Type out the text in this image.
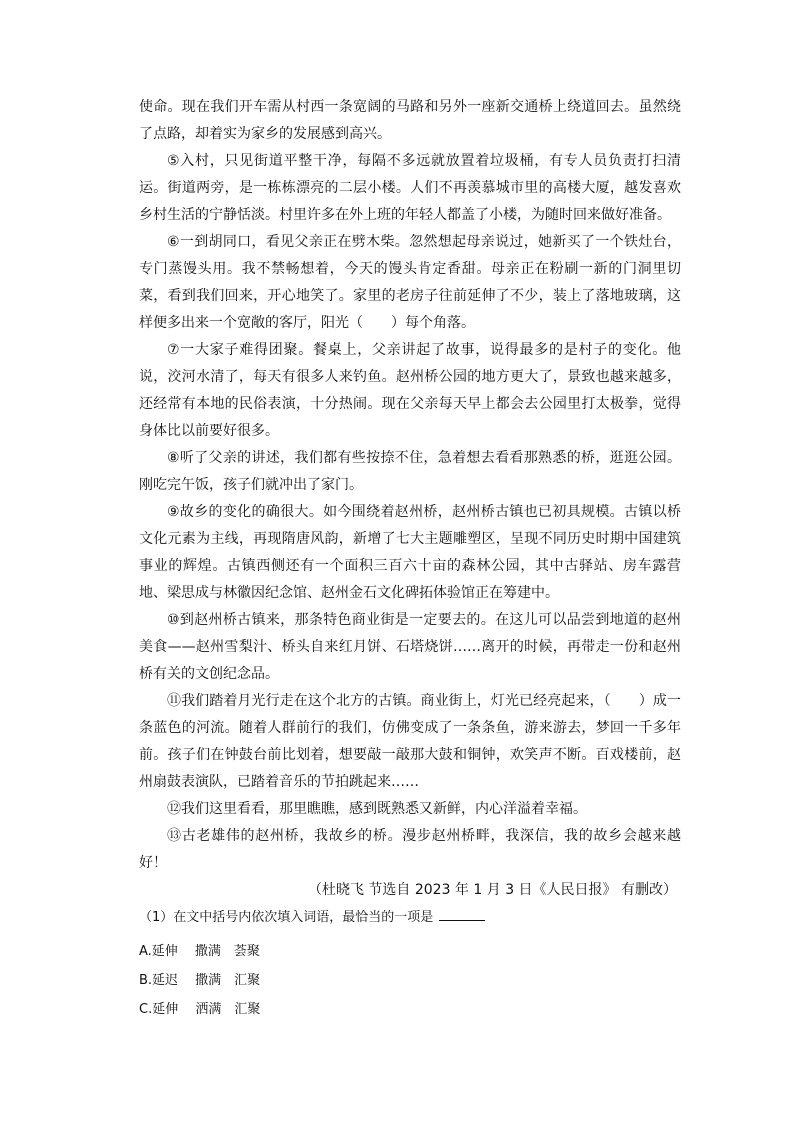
使命。现在我们开车需从村西一条宽阔的马路和另外一座新交通桥上绕道回去。虽然绕了点路，却着实为家乡的发展感到高兴。

⑤入村，只见街道平整干净，每隔不多远就放置着垃圾桶，有专人员负责打扫清运。街道两旁，是一栋栋漂亮的二层小楼。人们不再羡慕城市里的高楼大厦，越发喜欢乡村生活的宁静恬淡。村里许多在外上班的年轻人都盖了小楼，为随时回来做好准备。

⑥一到胡同口，看见父亲正在劈木柴。忽然想起母亲说过，她新买了一个铁灶台，专门蒸馒头用。我不禁畅想着，今天的馒头肯定香甜。母亲正在粉刷一新的门洞里切菜，看到我们回来，开心地笑了。家里的老房子往前延伸了不少，装上了落地玻璃，这样便多出来一个宽敞的客厅，阳光（　　）每个角落。

⑦一大家子难得团聚。餐桌上，父亲讲起了故事，说得最多的是村子的变化。他说，洨河水清了，每天有很多人来钓鱼。赵州桥公园的地方更大了，景致也越来越多，还经常有本地的民俗表演，十分热闹。现在父亲每天早上都会去公园里打太极拳，觉得身体比以前要好很多。

⑧听了父亲的讲述，我们都有些按捺不住，急着想去看看那熟悉的桥，逛逛公园。刚吃完午饭，孩子们就冲出了家门。

⑨故乡的变化的确很大。如今围绕着赵州桥，赵州桥古镇也已初具规模。古镇以桥文化元素为主线，再现隋唐风韵，新增了七大主题雕塑区，呈现不同历史时期中国建筑事业的辉煌。古镇西侧还有一个面积三百六十亩的森林公园，其中古驿站、房车露营地、梁思成与林徽因纪念馆、赵州金石文化碑拓体验馆正在筹建中。

⑩到赵州桥古镇来，那条特色商业街是一定要去的。在这儿可以品尝到地道的赵州美食——赵州雪梨汁、桥头自来红月饼、石塔烧饼……离开的时候，再带走一份和赵州桥有关的文创纪念品。

⑪我们踏着月光行走在这个北方的古镇。商业街上，灯光已经亮起来，（　　）成一条蓝色的河流。随着人群前行的我们，仿佛变成了一条条鱼，游来游去，梦回一千多年前。孩子们在钟鼓台前比划着，想要敲一敲那大鼓和铜钟，欢笑声不断。百戏楼前，赵州扇鼓表演队，已踏着音乐的节拍跳起来……

⑫我们这里看看，那里瞧瞧，感到既熟悉又新鲜，内心洋溢着幸福。

⑬古老雄伟的赵州桥，我故乡的桥。漫步赵州桥畔，我深信，我的故乡会越来越好！

（杜晓飞 节选自 2023 年 1 月 3 日《人民日报》 有删改）

（1）在文中括号内依次填入词语，最恰当的一项是

A.延伸　 撒满　荟聚

B.延迟　 撒满　汇聚

C.延伸　 洒满　汇聚
